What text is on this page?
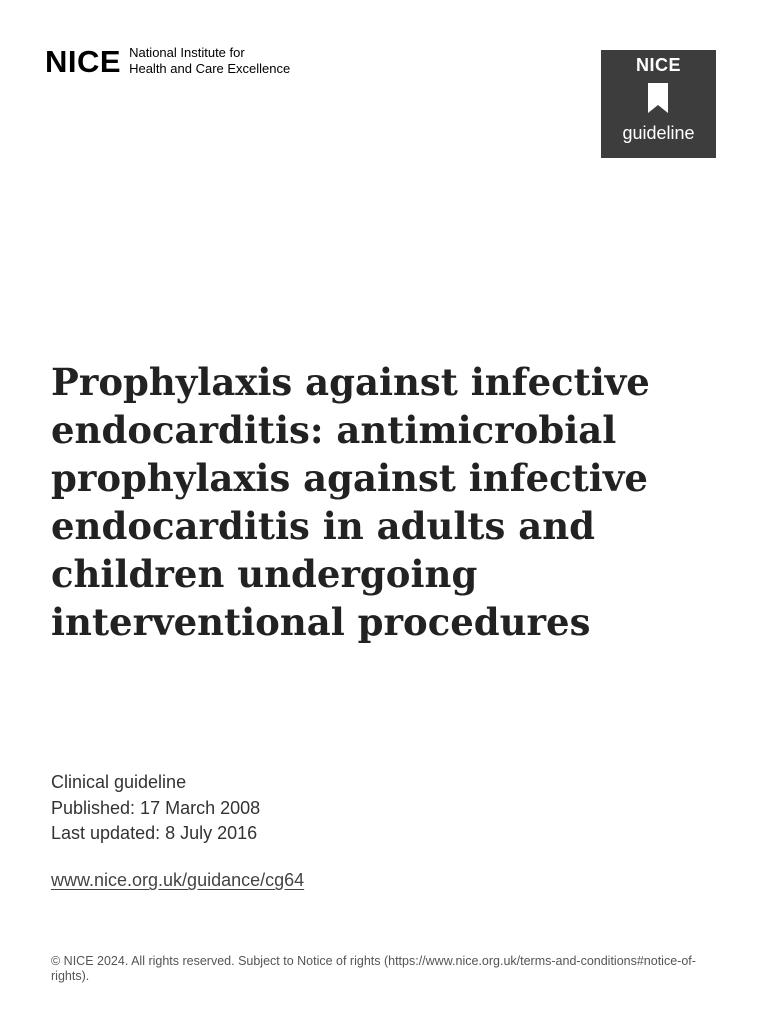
NICE National Institute for
Health and Care Excellence	NICE
guideline
Prophylaxis against infective endocarditis: antimicrobial prophylaxis against infective endocarditis in adults and children undergoing interventional procedures
Clinical guideline
Published: 17 March 2008
Last updated: 8 July 2016
www.nice.org.uk/guidance/cg64
© NICE 2024. All rights reserved. Subject to Notice of rights (https://www.nice.org.uk/terms-and-conditions#notice-of-rights).
